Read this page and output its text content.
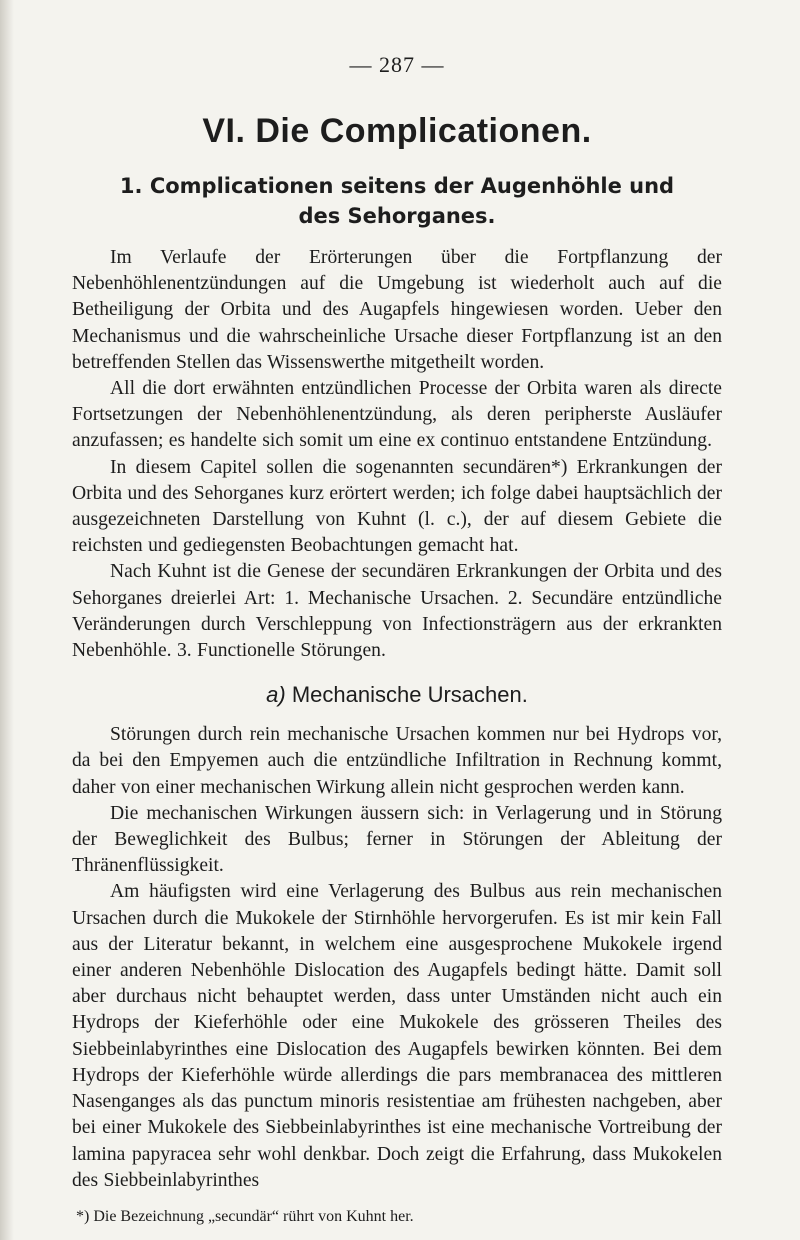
— 287 —
VI. Die Complicationen.
1. Complicationen seitens der Augenhöhle und des Sehorganes.

Im Verlaufe der Erörterungen über die Fortpflanzung der Nebenhöhlenentzündungen auf die Umgebung ist wiederholt auch auf die Betheiligung der Orbita und des Augapfels hingewiesen worden. Ueber den Mechanismus und die wahrscheinliche Ursache dieser Fortpflanzung ist an den betreffenden Stellen das Wissenswerthe mitgetheilt worden.

All die dort erwähnten entzündlichen Processe der Orbita waren als directe Fortsetzungen der Nebenhöhlenentzündung, als deren peripherste Ausläufer anzufassen; es handelte sich somit um eine ex continuo entstandene Entzündung.

In diesem Capitel sollen die sogenannten secundären*) Erkrankungen der Orbita und des Sehorganes kurz erörtert werden; ich folge dabei hauptsächlich der ausgezeichneten Darstellung von Kuhnt (l. c.), der auf diesem Gebiete die reichsten und gediegensten Beobachtungen gemacht hat.

Nach Kuhnt ist die Genese der secundären Erkrankungen der Orbita und des Sehorganes dreierlei Art: 1. Mechanische Ursachen. 2. Secundäre entzündliche Veränderungen durch Verschleppung von Infectionsträgern aus der erkrankten Nebenhöhle. 3. Functionelle Störungen.

a) Mechanische Ursachen.

Störungen durch rein mechanische Ursachen kommen nur bei Hydrops vor, da bei den Empyemen auch die entzündliche Infiltration in Rechnung kommt, daher von einer mechanischen Wirkung allein nicht gesprochen werden kann.

Die mechanischen Wirkungen äussern sich: in Verlagerung und in Störung der Beweglichkeit des Bulbus; ferner in Störungen der Ableitung der Thränenflüssigkeit.

Am häufigsten wird eine Verlagerung des Bulbus aus rein mechanischen Ursachen durch die Mukokele der Stirnhöhle hervorgerufen. Es ist mir kein Fall aus der Literatur bekannt, in welchem eine ausgesprochene Mukokele irgend einer anderen Nebenhöhle Dislocation des Augapfels bedingt hätte. Damit soll aber durchaus nicht behauptet werden, dass unter Umständen nicht auch ein Hydrops der Kieferhöhle oder eine Mukokele des grösseren Theiles des Siebbeinlabyrinthes eine Dislocation des Augapfels bewirken könnten. Bei dem Hydrops der Kieferhöhle würde allerdings die pars membranacea des mittleren Nasenganges als das punctum minoris resistentiae am frühesten nachgeben, aber bei einer Mukokele des Siebbeinlabyrinthes ist eine mechanische Vortreibung der lamina papyracea sehr wohl denkbar. Doch zeigt die Erfahrung, dass Mukokelen des Siebbeinlabyrinthes

*) Die Bezeichnung „secundär“ rührt von Kuhnt her.
